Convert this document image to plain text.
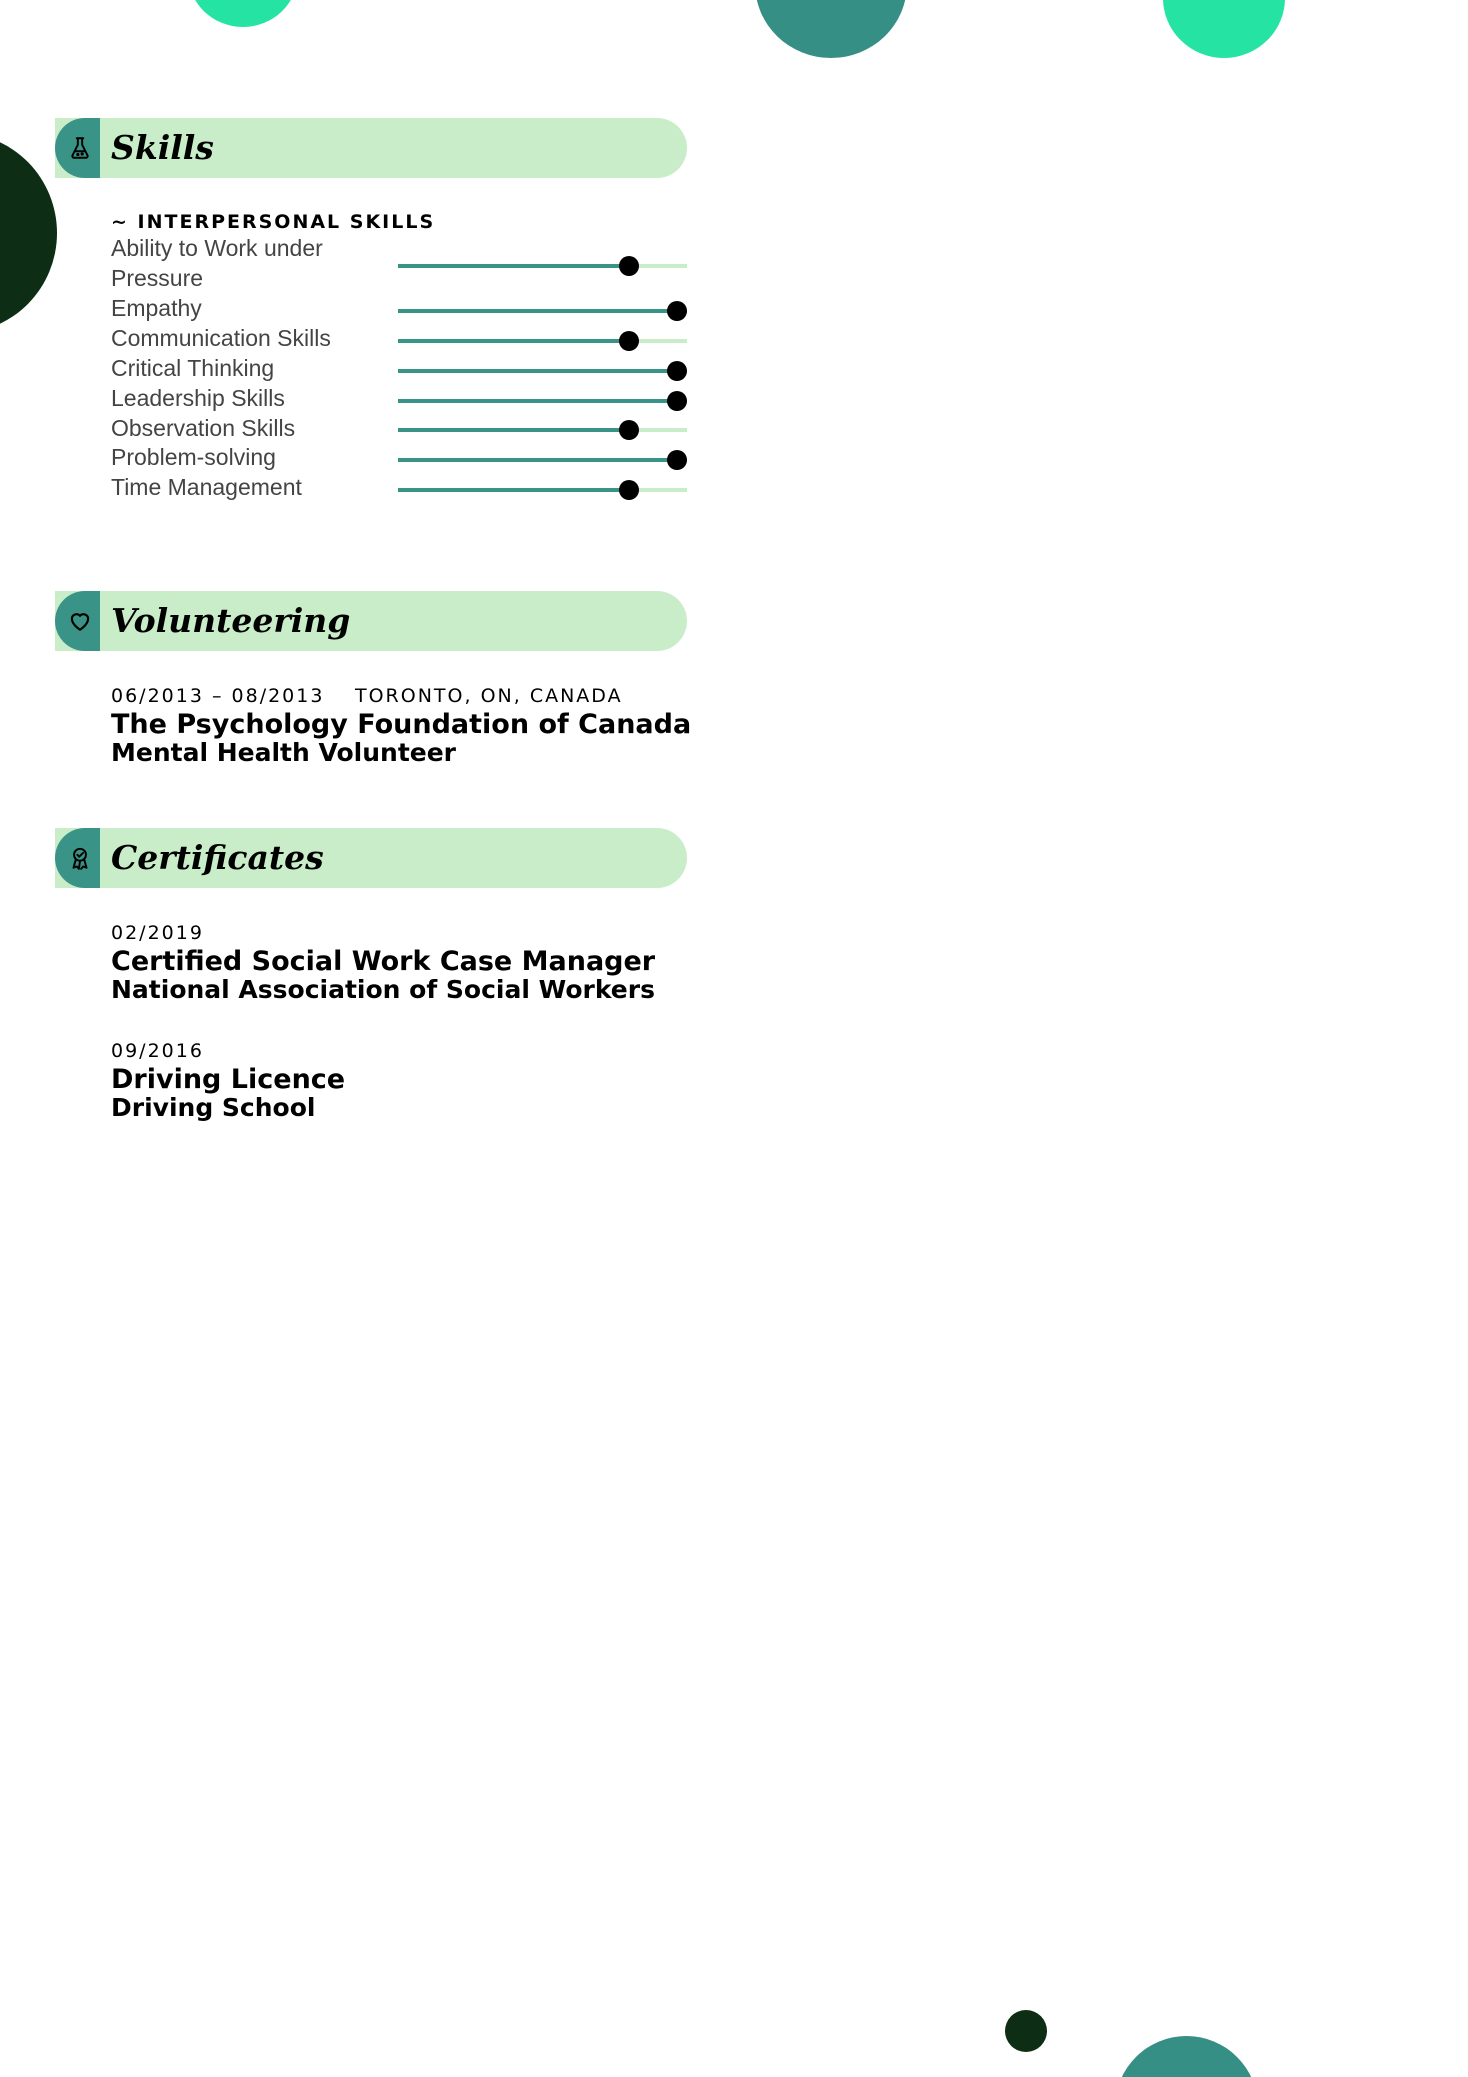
Skills
~ INTERPERSONAL SKILLS
Ability to Work under Pressure
Empathy
Communication Skills
Critical Thinking
Leadership Skills
Observation Skills
Problem-solving
Time Management
Volunteering
06/2013 – 08/2013 TORONTO, ON, CANADA
The Psychology Foundation of Canada
Mental Health Volunteer
Certificates
02/2019
Certified Social Work Case Manager
National Association of Social Workers
09/2016
Driving Licence
Driving School
